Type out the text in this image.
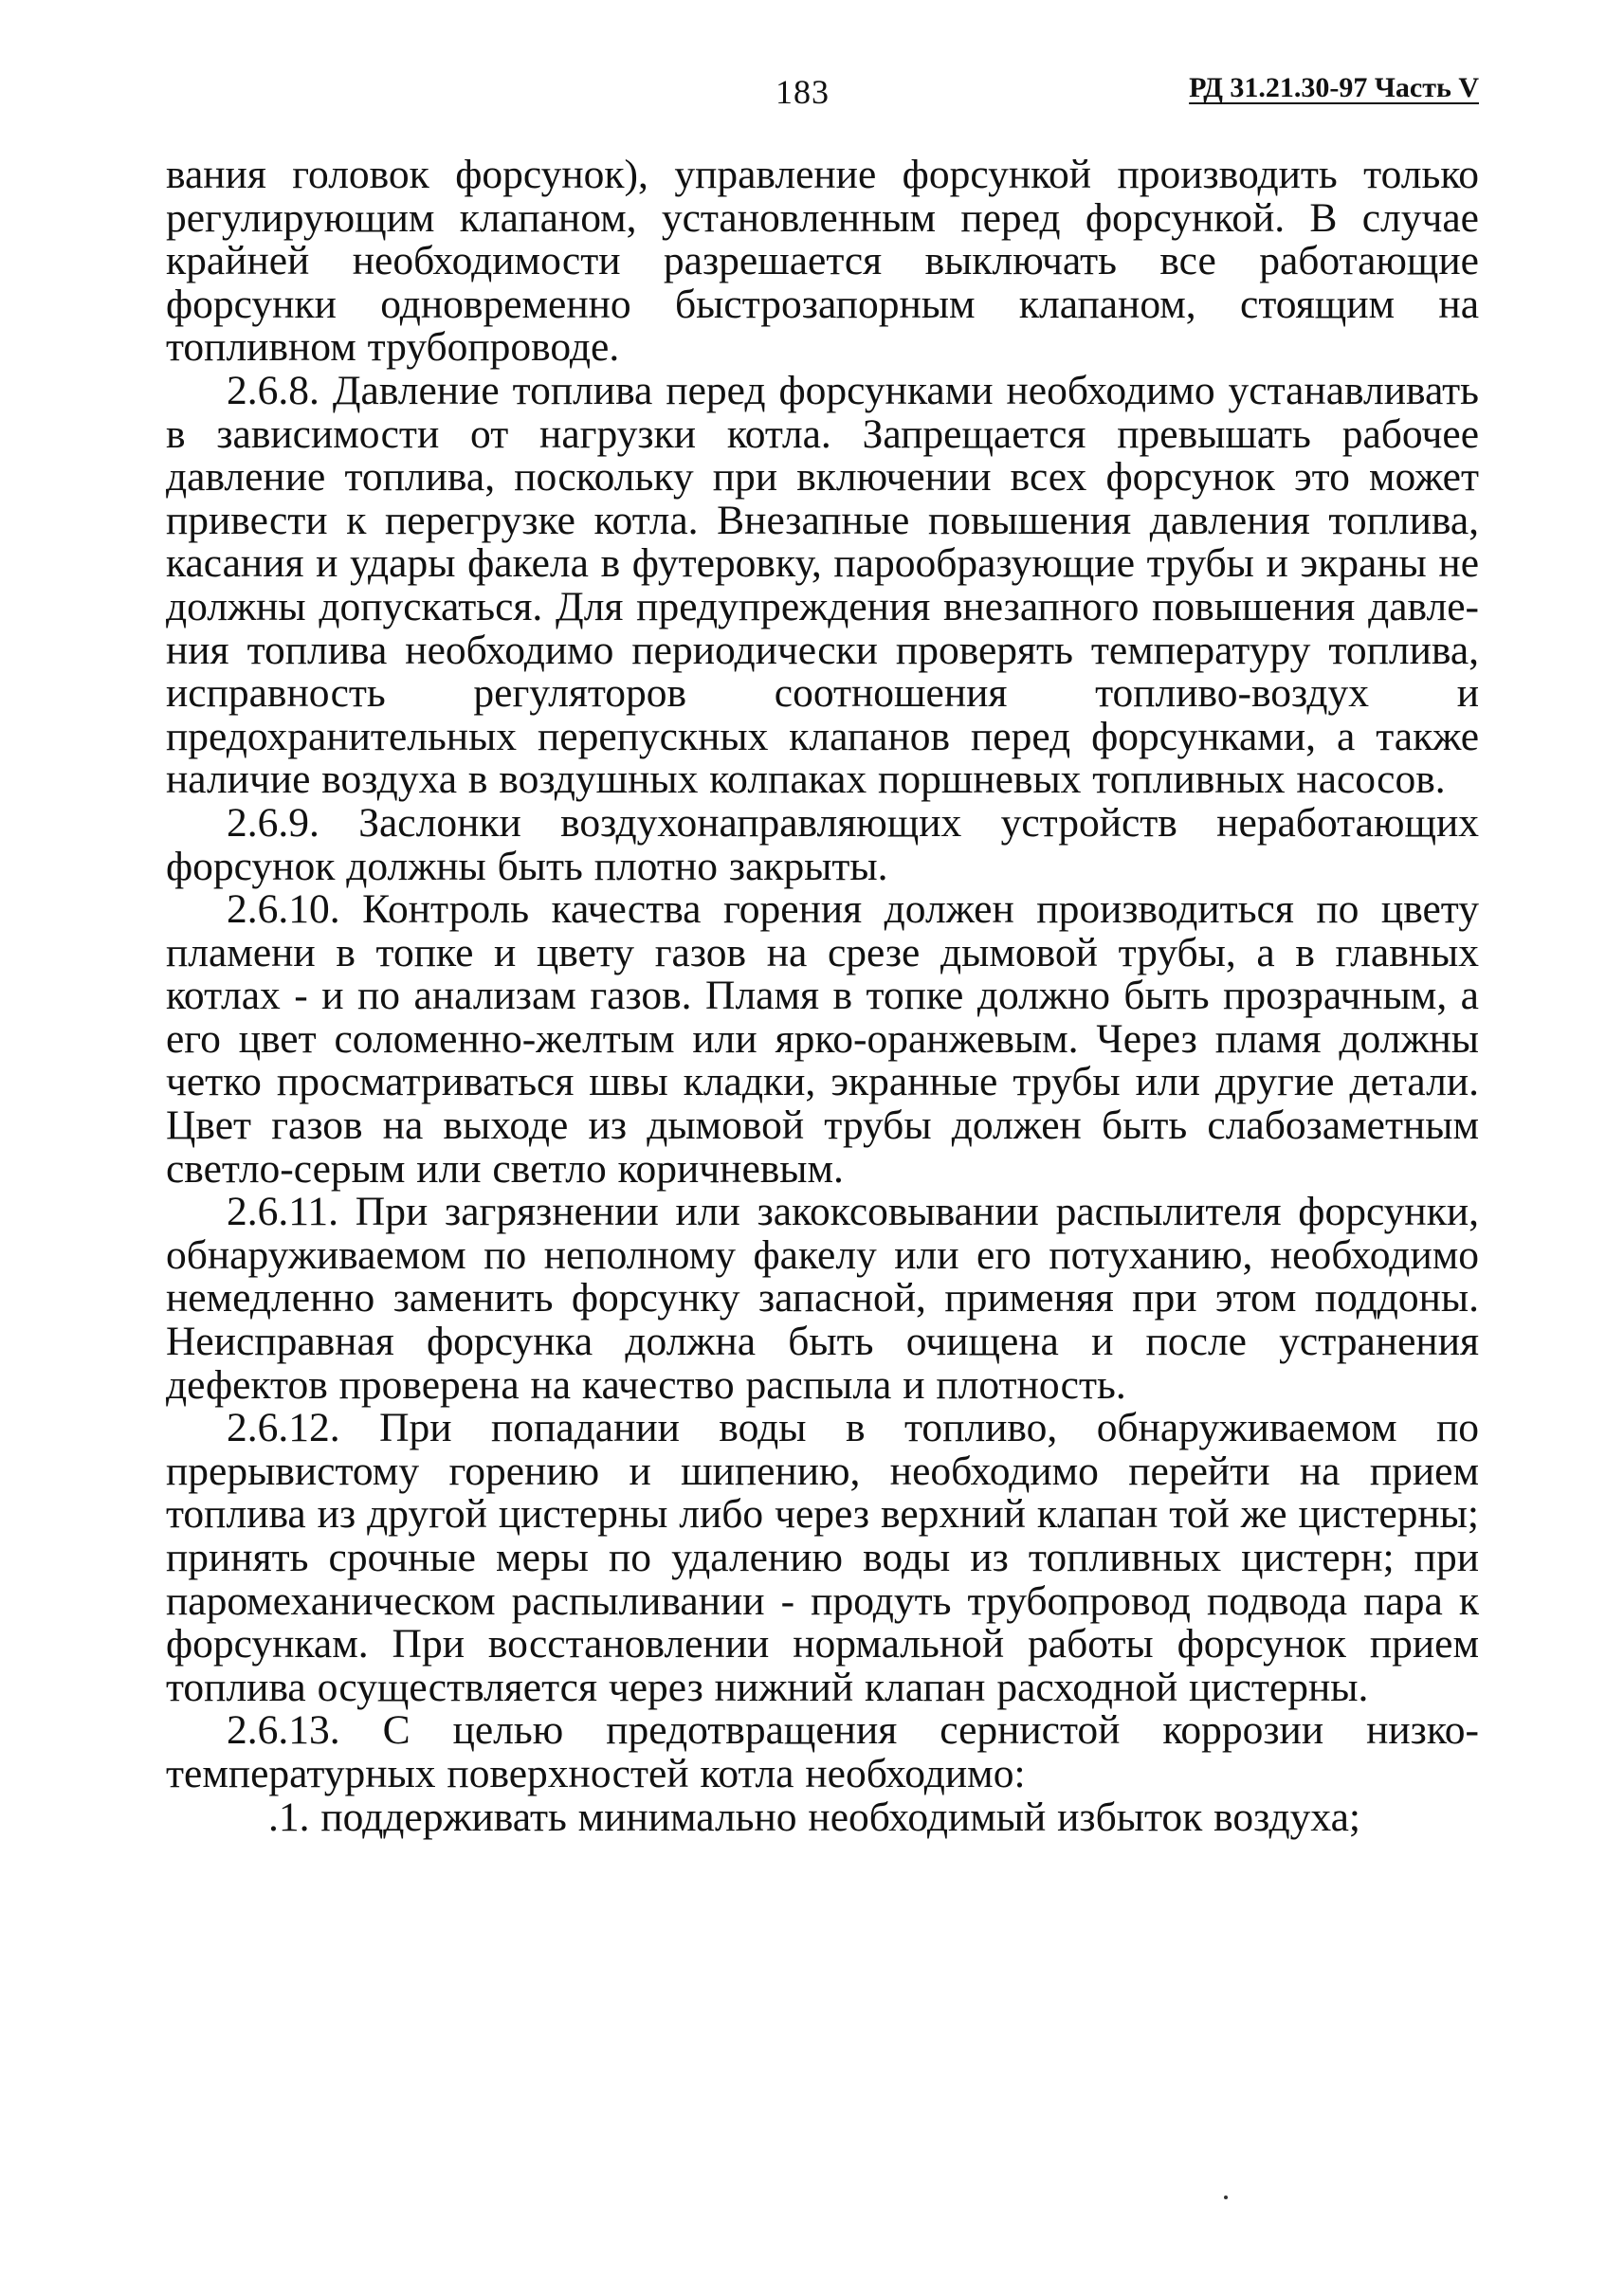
183	РД 31.21.30-97 Часть V

вания головок форсунок), управление форсункой производить только регулирующим клапаном, установленным перед форсункой. В случае крайней необходимости разрешается выключать все работающие форсунки одновременно быстрозапорным клапаном, стоящим на топливном трубопроводе.

2.6.8. Давление топлива перед форсунками необходимо устанавливать в зависимости от нагрузки котла. Запрещается превышать рабочее давление топлива, поскольку при включении всех форсунок это может привести к перегрузке котла. Внезапные повышения давления топлива, касания и удары факела в футеровку, парообразующие трубы и экраны не должны допускаться. Для предупреждения внезапного повышения давления топлива необходимо периодически проверять температуру топлива, исправность регуляторов соотношения топливо-воздух и предохранительных перепускных клапанов перед форсунками, а также наличие воздуха в воздушных колпаках поршневых топливных насосов.

2.6.9. Заслонки воздухонаправляющих устройств неработающих форсунок должны быть плотно закрыты.

2.6.10. Контроль качества горения должен производиться по цвету пламени в топке и цвету газов на срезе дымовой трубы, а в главных котлах - и по анализам газов. Пламя в топке должно быть прозрачным, а его цвет соломенно-желтым или ярко-оранжевым. Через пламя должны четко просматриваться швы кладки, экранные трубы или другие детали. Цвет газов на выходе из дымовой трубы должен быть слабозаметным светло-серым или светло коричневым.

2.6.11. При загрязнении или закоксовывании распылителя форсунки, обнаруживаемом по неполному факелу или его потуханию, необходимо немедленно заменить форсунку запасной, применяя при этом поддоны. Неисправная форсунка должна быть очищена и после устранения дефектов проверена на качество распыла и плотность.

2.6.12. При попадании воды в топливо, обнаруживаемом по прерывистому горению и шипению, необходимо перейти на прием топлива из другой цистерны либо через верхний клапан той же цистерны; принять срочные меры по удалению воды из топливных цистерн; при паромеханическом распыливании - продуть трубопровод подвода пара к форсункам. При восстановлении нормальной работы форсунок прием топлива осуществляется через нижний клапан расходной цистерны.

2.6.13. С целью предотвращения сернистой коррозии низкотемпературных поверхностей котла необходимо:

.1. поддерживать минимально необходимый избыток воздуха;
